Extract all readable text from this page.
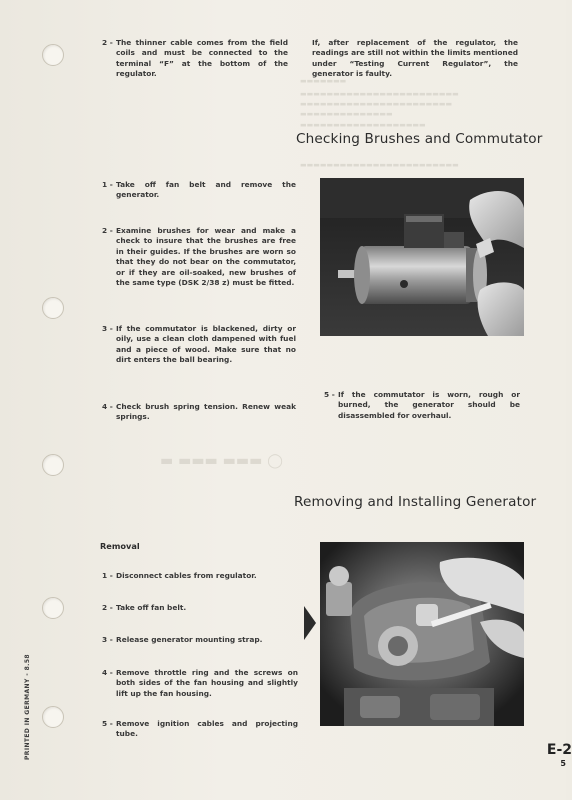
▬▬▬▬▬▬▬
▬▬▬▬▬▬▬▬▬▬▬▬▬▬▬▬▬▬▬▬▬▬▬▬
▬▬▬▬▬▬▬▬▬▬▬▬▬▬▬▬▬▬▬▬▬▬▬
▬▬▬▬▬▬▬▬▬▬▬▬▬▬
▬▬▬▬▬▬▬▬▬▬▬▬▬▬▬▬▬▬▬
▬▬▬▬▬▬▬▬▬▬▬▬▬▬▬▬▬▬▬▬▬▬▬▬
▬ ▬▬▬ ▬▬▬ ◯
2 - The thinner cable comes from the field coils and must be connected to the terminal “F” at the bottom of the regulator.
If, after replacement of the regulator, the readings are still not within the limits mentioned under “Testing Current Regulator”, the generator is faulty.
Checking Brushes and Commutator
1 - Take off fan belt and remove the generator.
2 - Examine brushes for wear and make a check to insure that the brushes are free in their guides. If the brushes are worn so that they do not bear on the commutator, or if they are oil-soaked, new brushes of the same type (DSK 2/38 z) must be fitted.
3 - If the commutator is blackened, dirty or oily, use a clean cloth dampened with fuel and a piece of wood. Make sure that no dirt enters the ball bearing.
4 - Check brush spring tension. Renew weak springs.
5 - If the commutator is worn, rough or burned, the generator should be disassembled for overhaul.
Removing and Installing Generator
Removal
1 - Disconnect cables from regulator.
2 - Take off fan belt.
3 - Release generator mounting strap.
4 - Remove throttle ring and the screws on both sides of the fan housing and slightly lift up the fan housing.
5 - Remove ignition cables and projecting tube.
PRINTED IN GERMANY - 8.58	E-2
5
